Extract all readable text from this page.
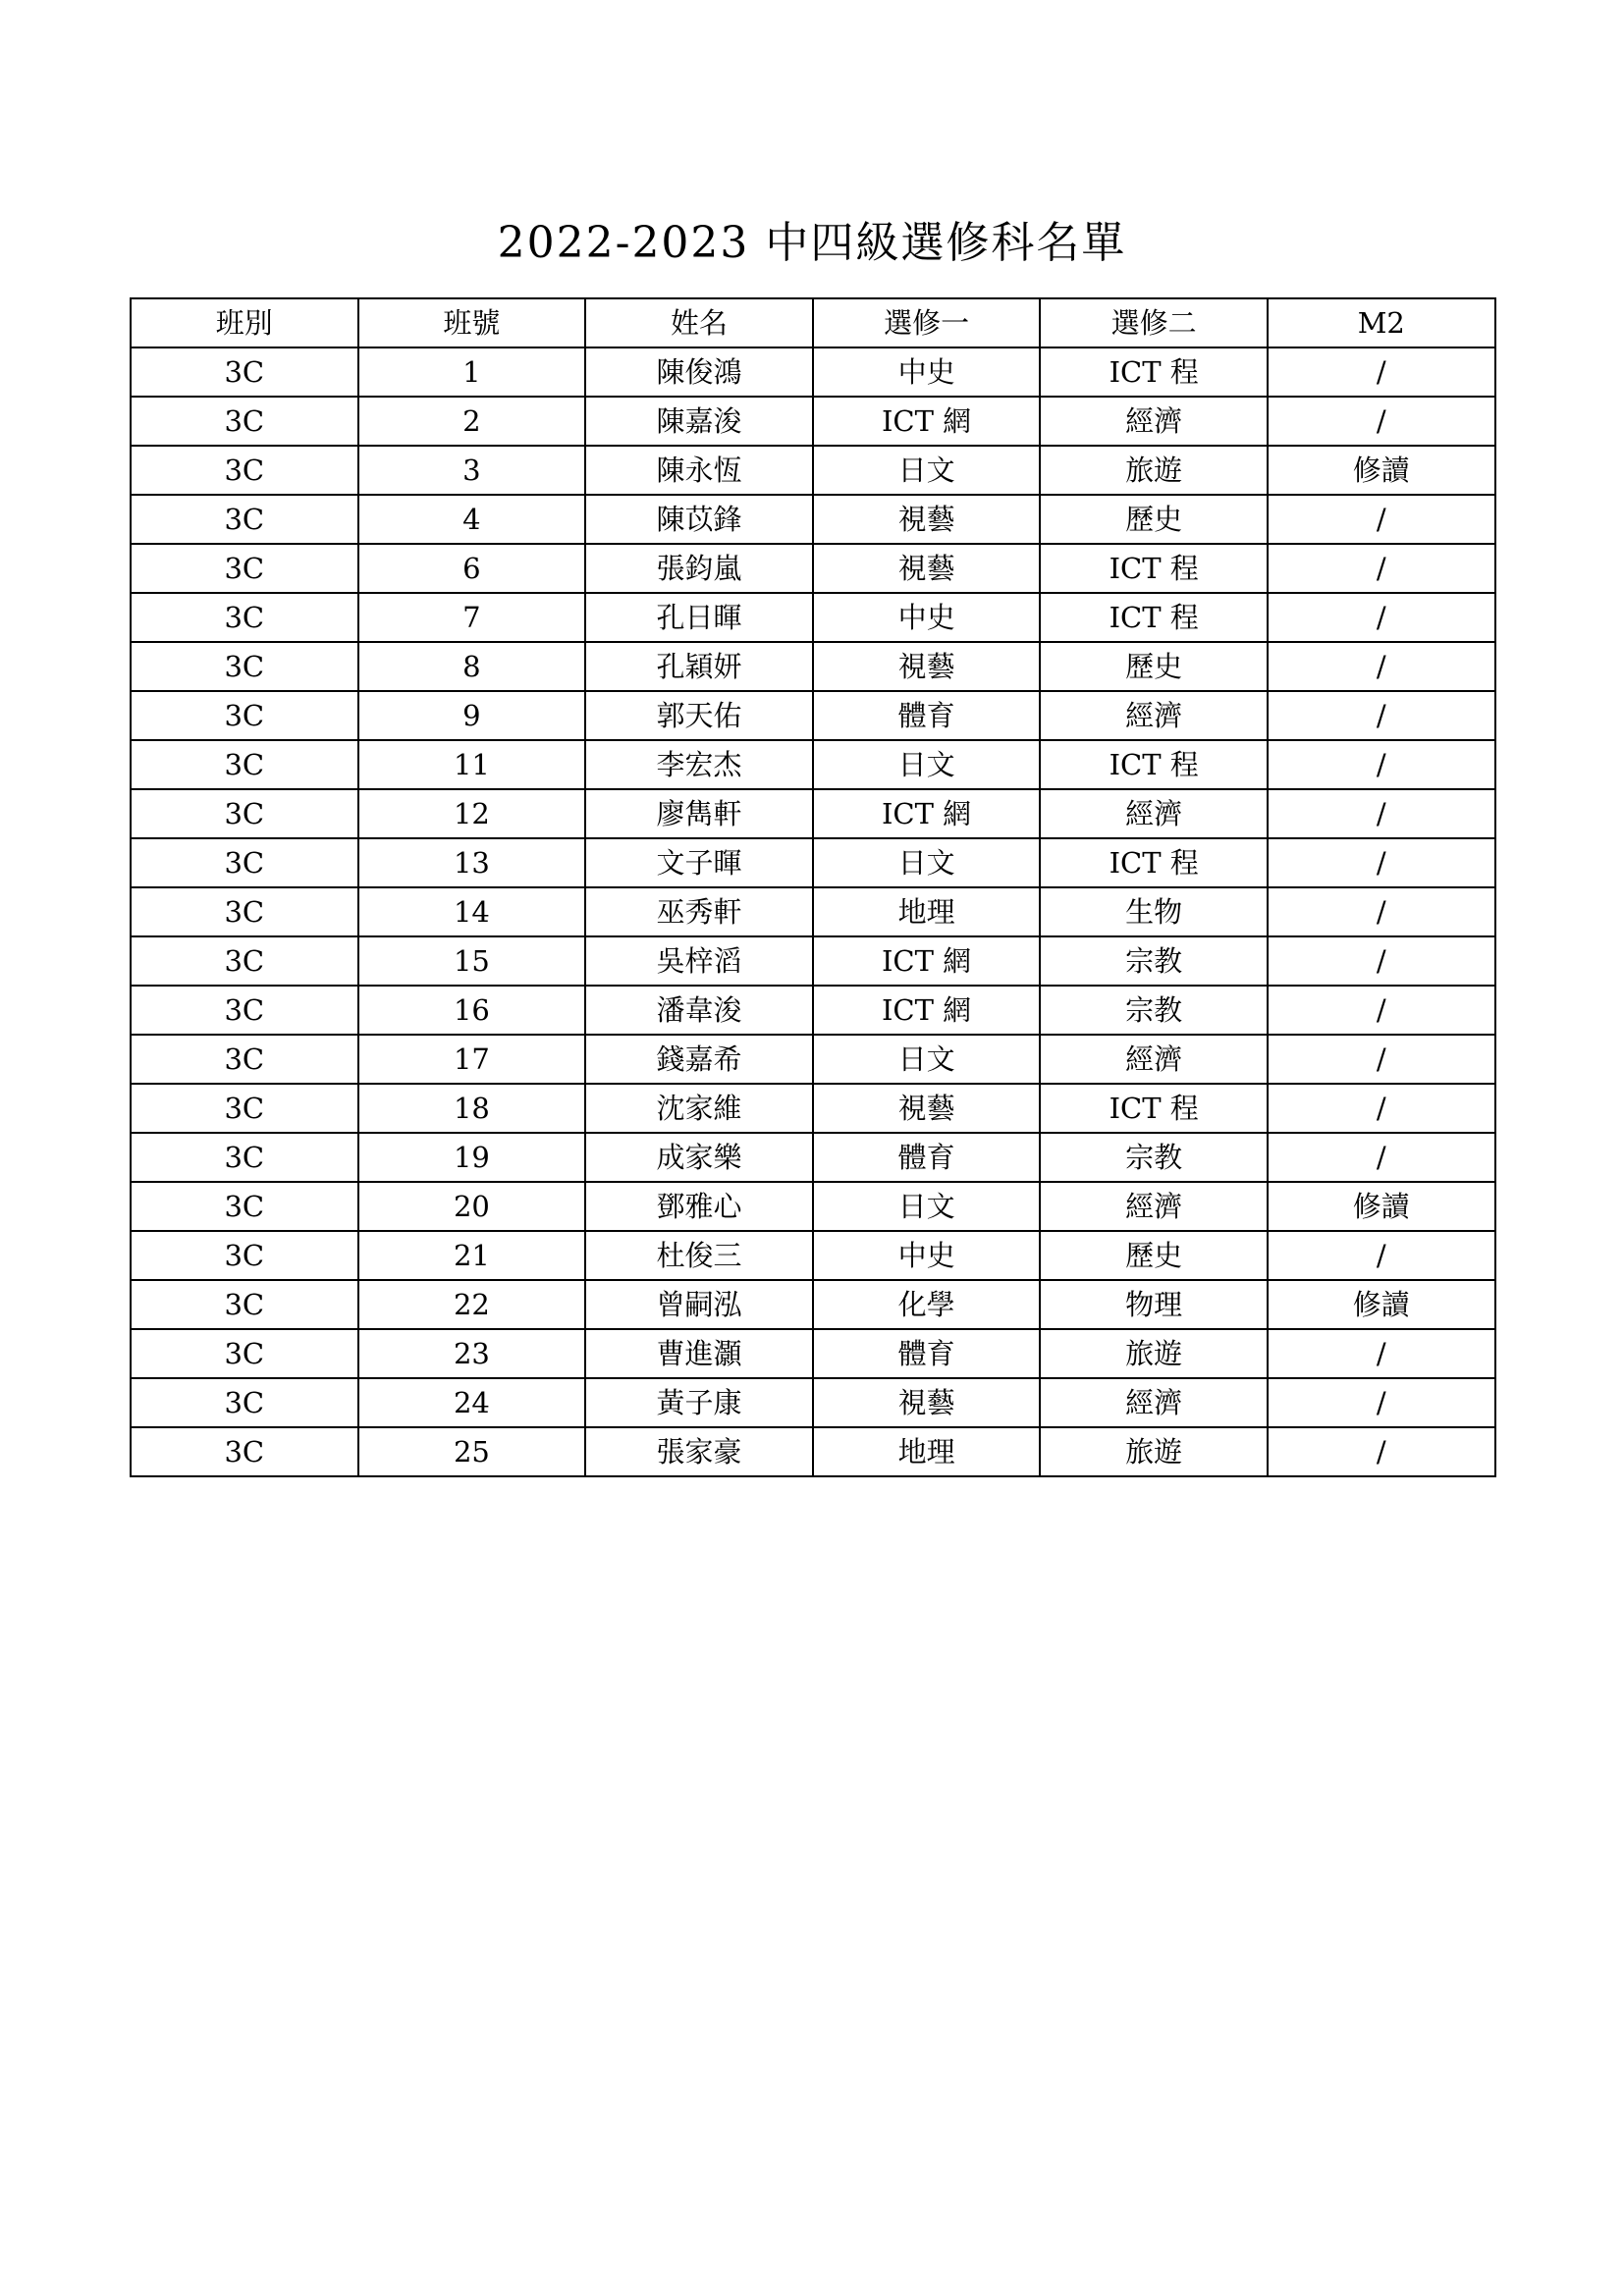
2022-2023 中四級選修科名單
班別	班號	姓名	選修一	選修二	M2
3C	1	陳俊鴻	中史	ICT 程	/
3C	2	陳嘉浚	ICT 網	經濟	/
3C	3	陳永恆	日文	旅遊	修讀
3C	4	陳苡鋒	視藝	歷史	/
3C	6	張鈞嵐	視藝	ICT 程	/
3C	7	孔日暉	中史	ICT 程	/
3C	8	孔穎妍	視藝	歷史	/
3C	9	郭天佑	體育	經濟	/
3C	11	李宏杰	日文	ICT 程	/
3C	12	廖雋軒	ICT 網	經濟	/
3C	13	文子暉	日文	ICT 程	/
3C	14	巫秀軒	地理	生物	/
3C	15	吳梓滔	ICT 網	宗教	/
3C	16	潘韋浚	ICT 網	宗教	/
3C	17	錢嘉希	日文	經濟	/
3C	18	沈家維	視藝	ICT 程	/
3C	19	成家樂	體育	宗教	/
3C	20	鄧雅心	日文	經濟	修讀
3C	21	杜俊三	中史	歷史	/
3C	22	曾嗣泓	化學	物理	修讀
3C	23	曹進灝	體育	旅遊	/
3C	24	黃子康	視藝	經濟	/
3C	25	張家豪	地理	旅遊	/
